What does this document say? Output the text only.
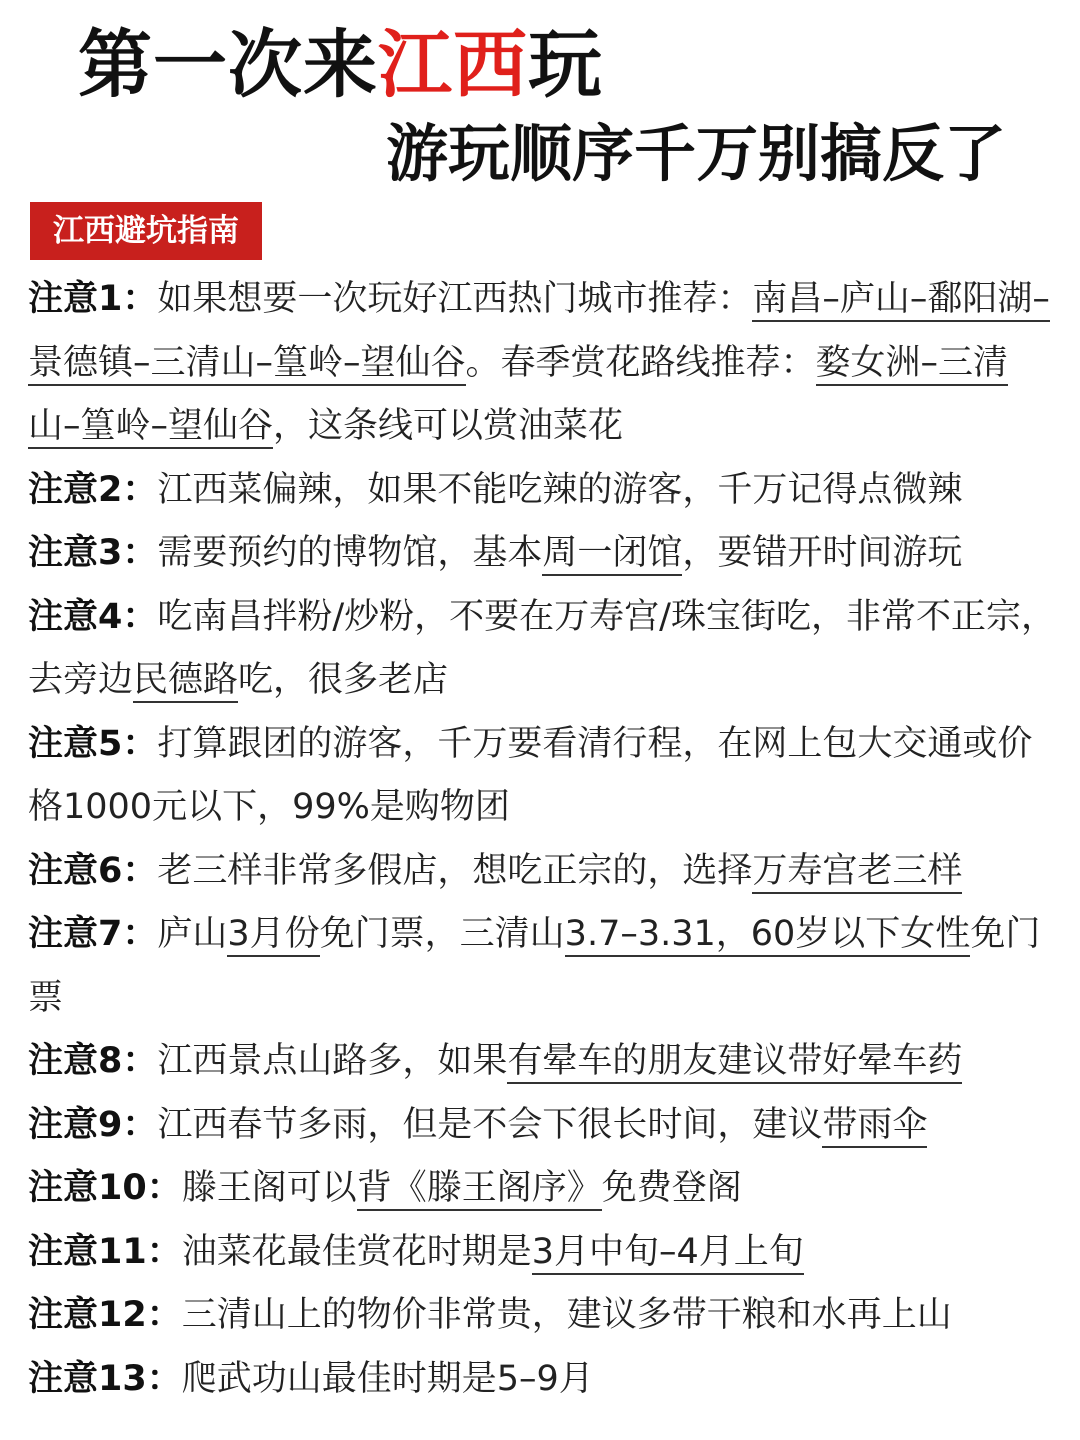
第一次来江西玩
游玩顺序千万别搞反了
江西避坑指南
注意1：如果想要一次玩好江西热门城市推荐：南昌–庐山–鄱阳湖–景德镇–三清山–篁岭–望仙谷。春季赏花路线推荐：婺女洲–三清山–篁岭–望仙谷，这条线可以赏油菜花
注意2：江西菜偏辣，如果不能吃辣的游客，千万记得点微辣
注意3：需要预约的博物馆，基本周一闭馆，要错开时间游玩
注意4：吃南昌拌粉/炒粉，不要在万寿宫/珠宝街吃，非常不正宗，去旁边民德路吃，很多老店
注意5：打算跟团的游客，千万要看清行程，在网上包大交通或价格1000元以下，99%是购物团
注意6：老三样非常多假店，想吃正宗的，选择万寿宫老三样
注意7：庐山3月份免门票，三清山3.7–3.31，60岁以下女性免门票
注意8：江西景点山路多，如果有晕车的朋友建议带好晕车药
注意9：江西春节多雨，但是不会下很长时间，建议带雨伞
注意10：滕王阁可以背《滕王阁序》免费登阁
注意11：油菜花最佳赏花时期是3月中旬–4月上旬
注意12：三清山上的物价非常贵，建议多带干粮和水再上山
注意13：爬武功山最佳时期是5–9月
